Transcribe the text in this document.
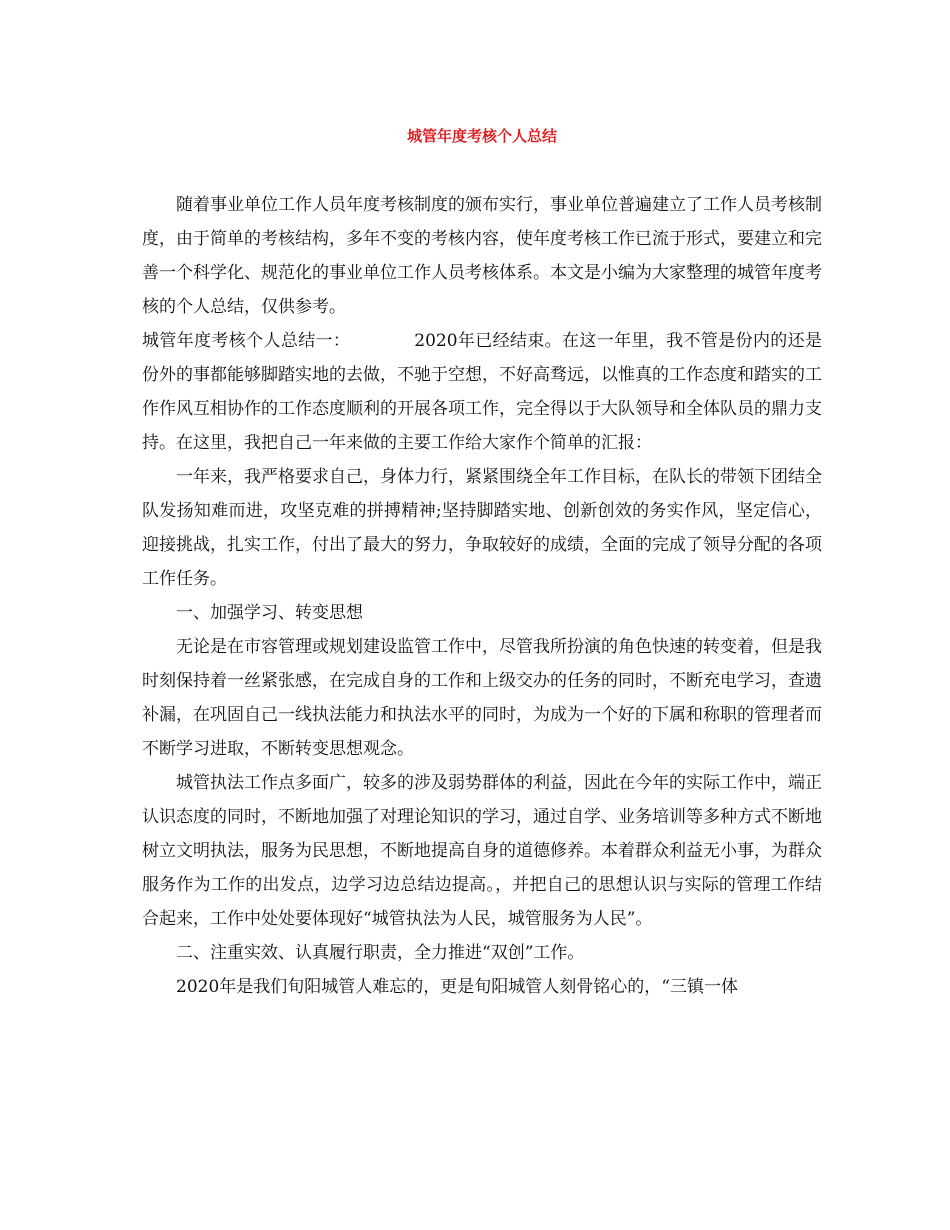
城管年度考核个人总结

随着事业单位工作人员年度考核制度的颁布实行，事业单位普遍建立了工作人员考核制度，由于简单的考核结构，多年不变的考核内容，使年度考核工作已流于形式，要建立和完善一个科学化、规范化的事业单位工作人员考核体系。本文是小编为大家整理的城管年度考核的个人总结，仅供参考。

城管年度考核个人总结一：	2020年已经结束。在这一年里，我不管是份内的还是份外的事都能够脚踏实地的去做，不驰于空想，不好高骛远，以惟真的工作态度和踏实的工作作风互相协作的工作态度顺利的开展各项工作，完全得以于大队领导和全体队员的鼎力支持。在这里，我把自己一年来做的主要工作给大家作个简单的汇报：

一年来，我严格要求自己，身体力行，紧紧围绕全年工作目标，在队长的带领下团结全队发扬知难而进，攻坚克难的拼搏精神;坚持脚踏实地、创新创效的务实作风，坚定信心，迎接挑战，扎实工作，付出了最大的努力，争取较好的成绩，全面的完成了领导分配的各项工作任务。

一、加强学习、转变思想

无论是在市容管理或规划建设监管工作中，尽管我所扮演的角色快速的转变着，但是我时刻保持着一丝紧张感，在完成自身的工作和上级交办的任务的同时，不断充电学习，查遗补漏，在巩固自己一线执法能力和执法水平的同时，为成为一个好的下属和称职的管理者而不断学习进取，不断转变思想观念。

城管执法工作点多面广，较多的涉及弱势群体的利益，因此在今年的实际工作中，端正认识态度的同时，不断地加强了对理论知识的学习，通过自学、业务培训等多种方式不断地树立文明执法，服务为民思想，不断地提高自身的道德修养。本着群众利益无小事，为群众服务作为工作的出发点，边学习边总结边提高。，并把自己的思想认识与实际的管理工作结合起来，工作中处处要体现好“城管执法为人民，城管服务为人民”。

二、注重实效、认真履行职责，全力推进“双创”工作。

2020年是我们旬阳城管人难忘的，更是旬阳城管人刻骨铭心的，“三镇一体
